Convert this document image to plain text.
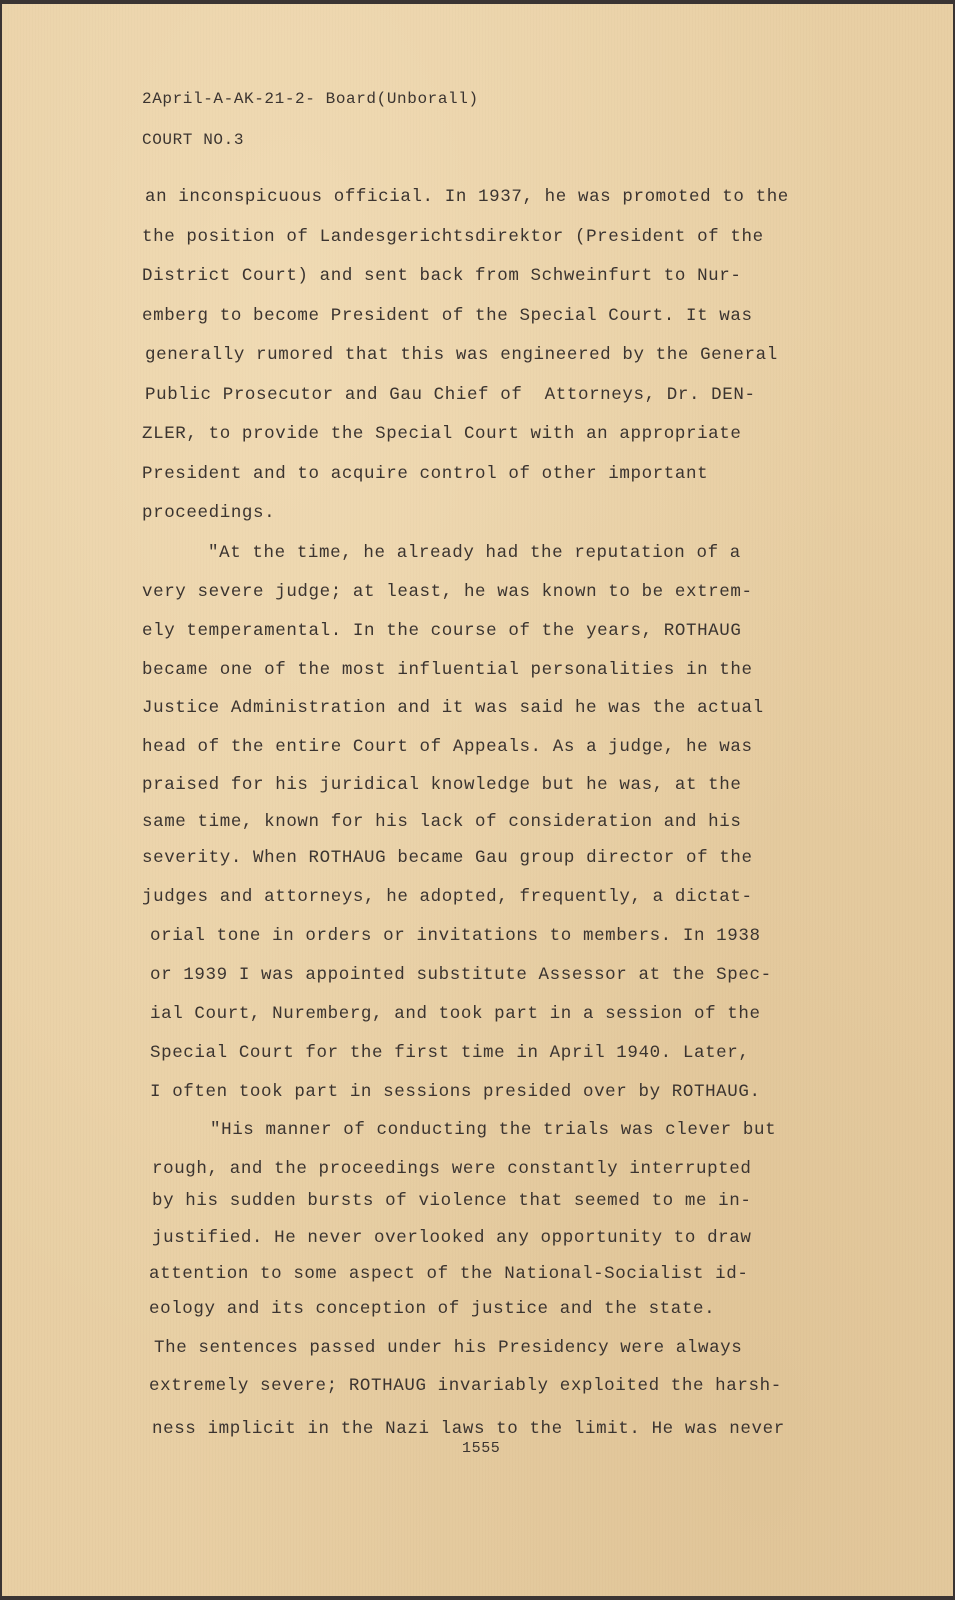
2April-A-AK-21-2- Board(Unborall)
COURT NO.3
an inconspicuous official. In 1937, he was promoted to the
the position of Landesgerichtsdirektor (President of the
District Court) and sent back from Schweinfurt to Nur-
emberg to become President of the Special Court. It was
generally rumored that this was engineered by the General
Public Prosecutor and Gau Chief of  Attorneys, Dr. DEN-
ZLER, to provide the Special Court with an appropriate
President and to acquire control of other important
proceedings.
"At the time, he already had the reputation of a
very severe judge; at least, he was known to be extrem-
ely temperamental. In the course of the years, ROTHAUG
became one of the most influential personalities in the
Justice Administration and it was said he was the actual
head of the entire Court of Appeals. As a judge, he was
praised for his juridical knowledge but he was, at the
same time, known for his lack of consideration and his
severity. When ROTHAUG became Gau group director of the
judges and attorneys, he adopted, frequently, a dictat-
orial tone in orders or invitations to members. In 1938
or 1939 I was appointed substitute Assessor at the Spec-
ial Court, Nuremberg, and took part in a session of the
Special Court for the first time in April 1940. Later,
I often took part in sessions presided over by ROTHAUG.
"His manner of conducting the trials was clever but
rough, and the proceedings were constantly interrupted
by his sudden bursts of violence that seemed to me in-
justified. He never overlooked any opportunity to draw
attention to some aspect of the National-Socialist id-
eology and its conception of justice and the state.
The sentences passed under his Presidency were always
extremely severe; ROTHAUG invariably exploited the harsh-
ness implicit in the Nazi laws to the limit. He was never
1555
